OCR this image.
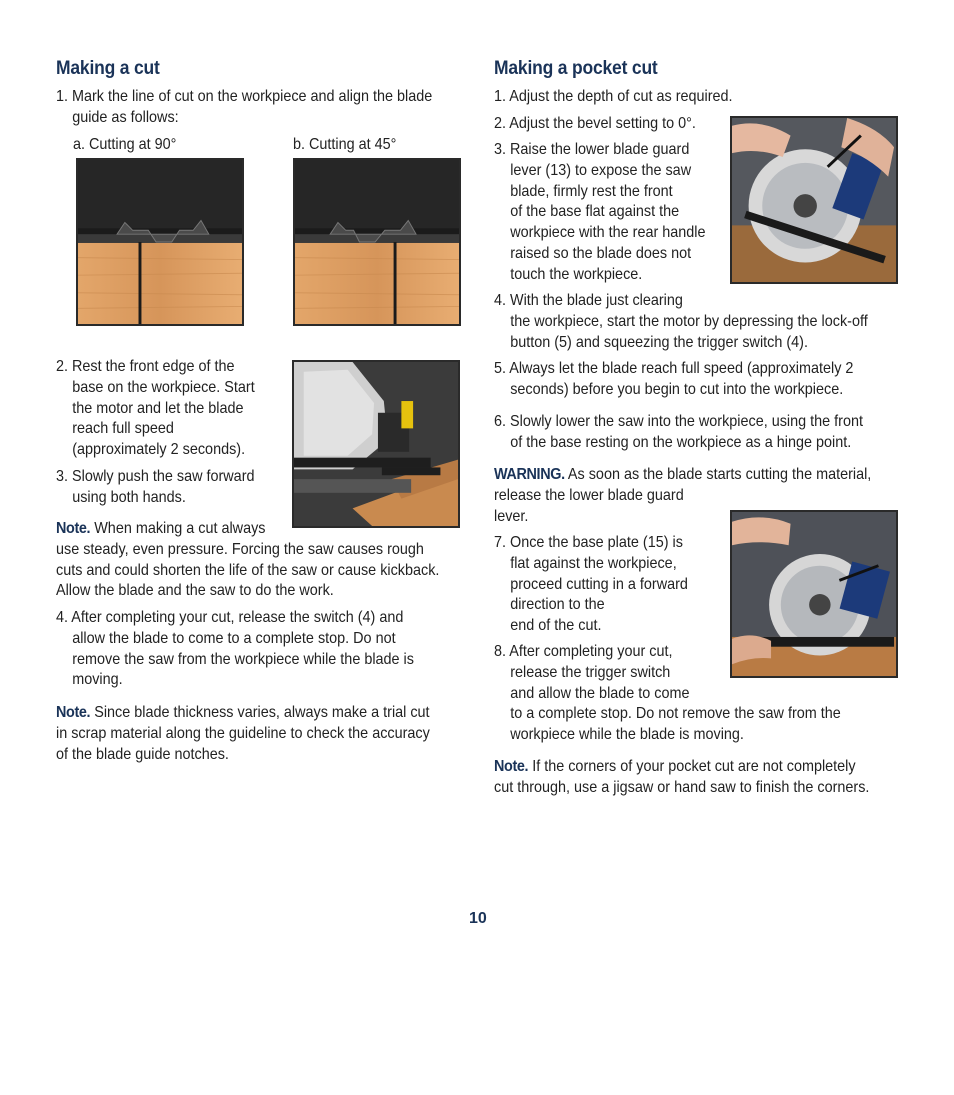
Making a cut
1. Mark the line of cut on the workpiece and align the blade
guide as follows:
a. Cutting at 90°	b. Cutting at 45°
2. Rest the front edge of the
base on the workpiece. Start
the motor and let the blade
reach full speed
(approximately 2 seconds).
3. Slowly push the saw forward
using both hands.
Note. When making a cut always
use steady, even pressure. Forcing the saw causes rough
cuts and could shorten the life of the saw or cause kickback.
Allow the blade and the saw to do the work.
4. After completing your cut, release the switch (4) and
allow the blade to come to a complete stop. Do not
remove the saw from the workpiece while the blade is
moving.
Note. Since blade thickness varies, always make a trial cut
in scrap material along the guideline to check the accuracy
of the blade guide notches.
Making a pocket cut
1. Adjust the depth of cut as required.
2. Adjust the bevel setting to 0°.
3. Raise the lower blade guard
lever (13) to expose the saw
blade, firmly rest the front
of the base flat against the
workpiece with the rear handle
raised so the blade does not
touch the workpiece.
4. With the blade just clearing
the workpiece, start the motor by depressing the lock-off
button (5) and squeezing the trigger switch (4).
5. Always let the blade reach full speed (approximately 2
seconds) before you begin to cut into the workpiece.
6. Slowly lower the saw into the workpiece, using the front
of the base resting on the workpiece as a hinge point.
WARNING. As soon as the blade starts cutting the material,
release the lower blade guard
lever.
7. Once the base plate (15) is
flat against the workpiece,
proceed cutting in a forward
direction to the
end of the cut.
8. After completing your cut,
release the trigger switch
and allow the blade to come
to a complete stop. Do not remove the saw from the
workpiece while the blade is moving.
Note. If the corners of your pocket cut are not completely
cut through, use a jigsaw or hand saw to finish the corners.
10
